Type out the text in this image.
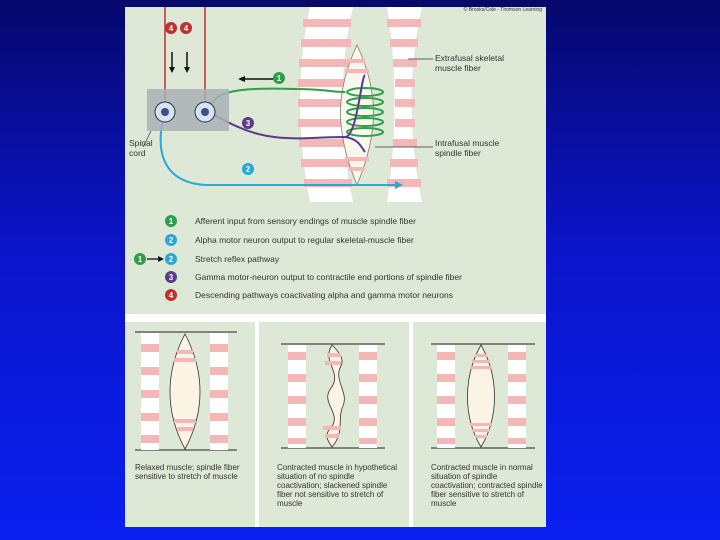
© Brooks/Cole - Thomson Learning
4	4
1
3
2
Extrafusal skeletal muscle fiber
Intrafusal muscle spindle fiber
Spinal cord
1	Afferent input from sensory endings of muscle spindle fiber
2	Alpha motor neuron output to regular skeletal-muscle fiber
2	Stretch reflex pathway
1
3	Gamma motor-neuron output to contractile end portions of spindle fiber
4	Descending pathways coactivating alpha and gamma motor neurons
Relaxed muscle; spindle fiber sensitive to stretch of muscle
Contracted muscle in hypothetical situation of no spindle coactivation; slackened spindle fiber not sensitive to stretch of muscle
Contracted muscle in normal situation of spindle coactivation; contracted spindle fiber sensitive to stretch of muscle
